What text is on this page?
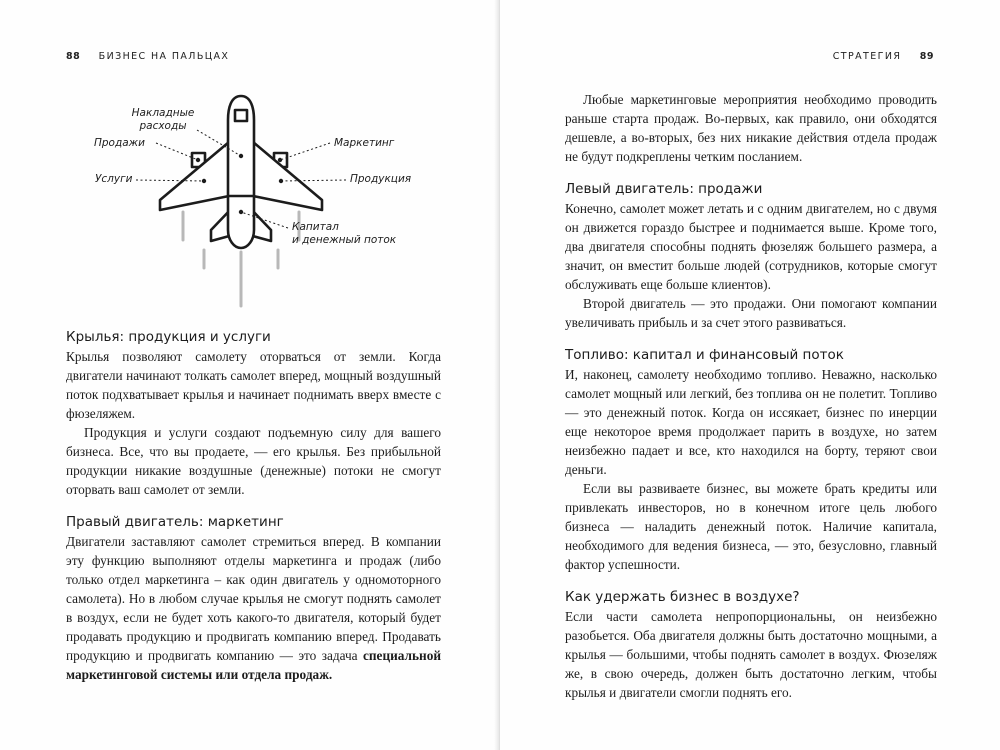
88 БИЗНЕС НА ПАЛЬЦАХ
Накладные
расходы
Продажи
Услуги
Маркетинг
Продукция
Капитал
и денежный поток
Крылья: продукция и услуги

Крылья позволяют самолету оторваться от земли. Когда двигатели начинают толкать самолет вперед, мощный воздушный поток подхватывает крылья и начинает поднимать вверх вместе с фюзеляжем.

Продукция и услуги создают подъемную силу для вашего бизнеса. Все, что вы продаете, — его крылья. Без прибыльной продукции никакие воздушные (денежные) потоки не смогут оторвать ваш самолет от земли.

Правый двигатель: маркетинг

Двигатели заставляют самолет стремиться вперед. В компании эту функцию выполняют отделы маркетинга и продаж (либо только отдел маркетинга – как один двигатель у одномоторного самолета). Но в любом случае крылья не смогут поднять самолет в воздух, если не будет хоть какого-то двигателя, который будет продавать продукцию и продвигать компанию вперед. Продавать продукцию и продвигать компанию — это задача специальной маркетинговой системы или отдела продаж.

СТРАТЕГИЯ 89

Любые маркетинговые мероприятия необходимо проводить раньше старта продаж. Во-первых, как правило, они обходятся дешевле, а во-вторых, без них никакие действия отдела продаж не будут подкреплены четким посланием.

Левый двигатель: продажи

Конечно, самолет может летать и с одним двигателем, но с двумя он движется гораздо быстрее и поднимается выше. Кроме того, два двигателя способны поднять фюзеляж большего размера, а значит, он вместит больше людей (сотрудников, которые смогут обслуживать еще больше клиентов).

Второй двигатель — это продажи. Они помогают компании увеличивать прибыль и за счет этого развиваться.

Топливо: капитал и финансовый поток

И, наконец, самолету необходимо топливо. Неважно, насколько самолет мощный или легкий, без топлива он не полетит. Топливо — это денежный поток. Когда он иссякает, бизнес по инерции еще некоторое время продолжает парить в воздухе, но затем неизбежно падает и все, кто находился на борту, теряют свои деньги.

Если вы развиваете бизнес, вы можете брать кредиты или привлекать инвесторов, но в конечном итоге цель любого бизнеса — наладить денежный поток. Наличие капитала, необходимого для ведения бизнеса, — это, безусловно, главный фактор успешности.

Как удержать бизнес в воздухе?

Если части самолета непропорциональны, он неизбежно разобьется. Оба двигателя должны быть достаточно мощными, а крылья — большими, чтобы поднять самолет в воздух. Фюзеляж же, в свою очередь, должен быть достаточно легким, чтобы крылья и двигатели смогли поднять его.
